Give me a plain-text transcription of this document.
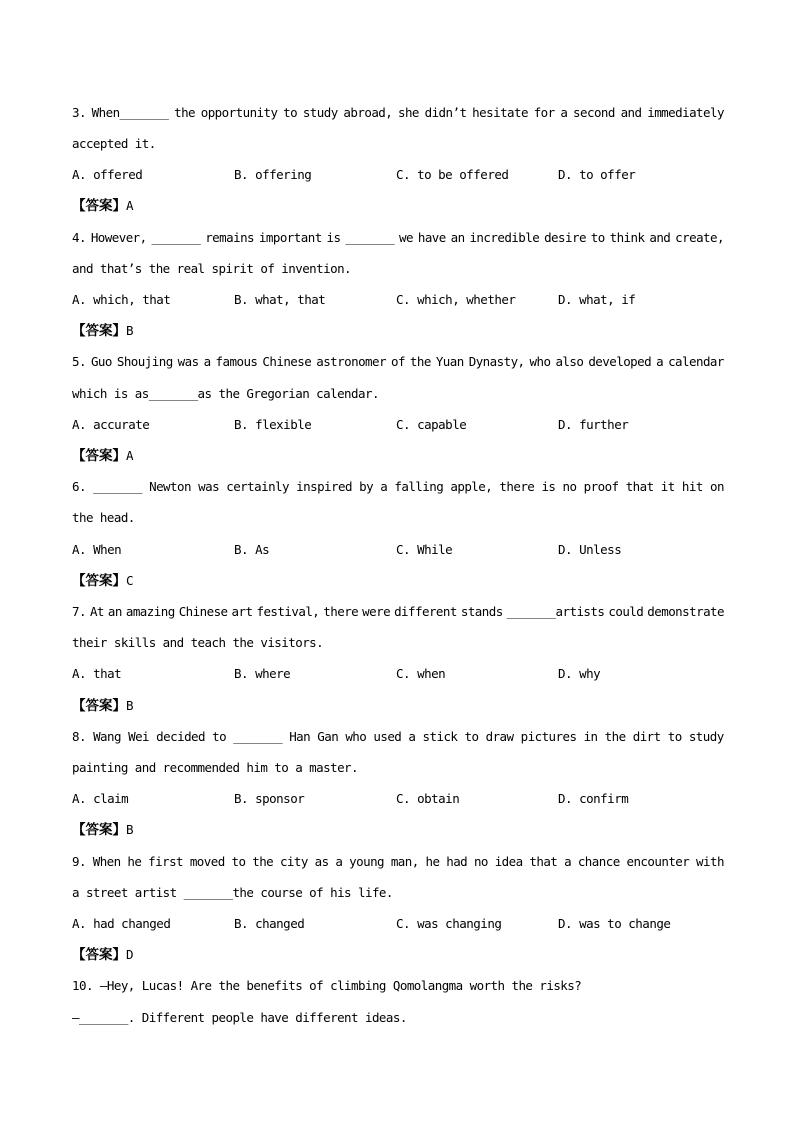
3. When_______ the opportunity to study abroad, she didn’t hesitate for a second and immediately
accepted it.
A. offered	B. offering	C. to be offered	D. to offer
【答案】A
4. However, _______ remains important is _______ we have an incredible desire to think and create,
and that’s the real spirit of invention.
A. which, that	B. what, that	C. which, whether	D. what, if
【答案】B
5. Guo Shoujing was a famous Chinese astronomer of the Yuan Dynasty, who also developed a calendar
which is as_______as the Gregorian calendar.
A. accurate	B. flexible	C. capable	D. further
【答案】A
6. _______ Newton was certainly inspired by a falling apple, there is no proof that it hit on
the head.
A. When	B. As	C. While	D. Unless
【答案】C
7. At an amazing Chinese art festival, there were different stands _______artists could demonstrate
their skills and teach the visitors.
A. that	B. where	C. when	D. why
【答案】B
8. Wang Wei decided to _______ Han Gan who used a stick to draw pictures in the dirt to study
painting and recommended him to a master.
A. claim	B. sponsor	C. obtain	D. confirm
【答案】B
9. When he first moved to the city as a young man, he had no idea that a chance encounter with
a street artist _______the course of his life.
A. had changed	B. changed	C. was changing	D. was to change
【答案】D
10. —Hey, Lucas! Are the benefits of climbing Qomolangma worth the risks?
—_______. Different people have different ideas.
